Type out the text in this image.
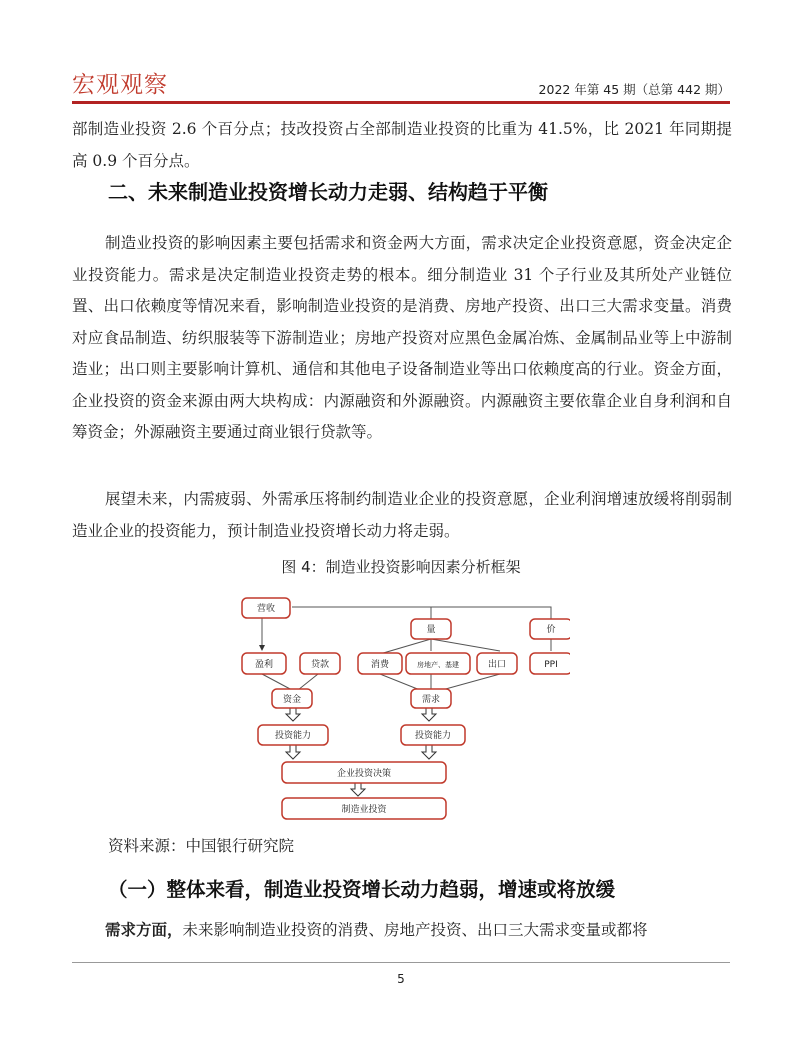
宏观观察	2022 年第 45 期（总第 442 期）
部制造业投资 2.6 个百分点；技改投资占全部制造业投资的比重为 41.5%，比 2021 年同期提高 0.9 个百分点。
二、未来制造业投资增长动力走弱、结构趋于平衡
制造业投资的影响因素主要包括需求和资金两大方面，需求决定企业投资意愿，资金决定企业投资能力。需求是决定制造业投资走势的根本。细分制造业 31 个子行业及其所处产业链位置、出口依赖度等情况来看，影响制造业投资的是消费、房地产投资、出口三大需求变量。消费对应食品制造、纺织服装等下游制造业；房地产投资对应黑色金属冶炼、金属制品业等上中游制造业；出口则主要影响计算机、通信和其他电子设备制造业等出口依赖度高的行业。资金方面，企业投资的资金来源由两大块构成：内源融资和外源融资。内源融资主要依靠企业自身利润和自筹资金；外源融资主要通过商业银行贷款等。
展望未来，内需疲弱、外需承压将制约制造业企业的投资意愿，企业利润增速放缓将削弱制造业企业的投资能力，预计制造业投资增长动力将走弱。
图 4：制造业投资影响因素分析框架
营收
量	价
盈利	贷款	消费	房地产、基建	出口	PPI
资金	需求
投资能力	投资能力
企业投资决策
制造业投资
资料来源：中国银行研究院
（一）整体来看，制造业投资增长动力趋弱，增速或将放缓
需求方面，未来影响制造业投资的消费、房地产投资、出口三大需求变量或都将
5
